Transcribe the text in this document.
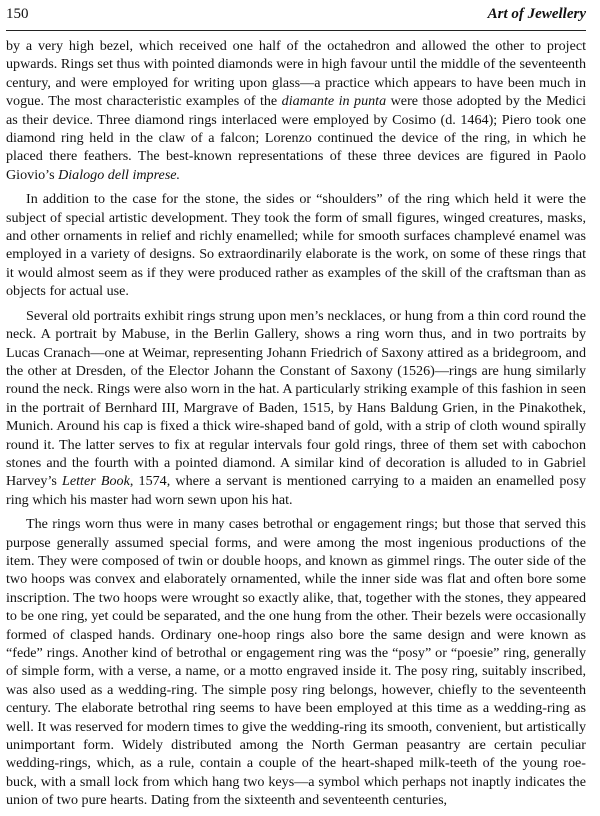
150	Art of Jewellery

by a very high bezel, which received one half of the octahedron and allowed the other to project upwards. Rings set thus with pointed diamonds were in high favour until the middle of the seventeenth century, and were employed for writing upon glass—a practice which appears to have been much in vogue. The most characteristic examples of the diamante in punta were those adopted by the Medici as their device. Three diamond rings interlaced were employed by Cosimo (d. 1464); Piero took one diamond ring held in the claw of a falcon; Lorenzo continued the device of the ring, in which he placed there feathers. The best-known representations of these three devices are figured in Paolo Giovio’s Dialogo dell imprese.

In addition to the case for the stone, the sides or “shoulders” of the ring which held it were the subject of special artistic development. They took the form of small figures, winged creatures, masks, and other ornaments in relief and richly enamelled; while for smooth surfaces champlevé enamel was employed in a variety of designs. So extraordinarily elaborate is the work, on some of these rings that it would almost seem as if they were produced rather as examples of the skill of the craftsman than as objects for actual use.

Several old portraits exhibit rings strung upon men’s necklaces, or hung from a thin cord round the neck. A portrait by Mabuse, in the Berlin Gallery, shows a ring worn thus, and in two portraits by Lucas Cranach—one at Weimar, representing Johann Friedrich of Saxony attired as a bridegroom, and the other at Dresden, of the Elector Johann the Constant of Saxony (1526)—rings are hung similarly round the neck. Rings were also worn in the hat. A particularly striking example of this fashion in seen in the portrait of Bernhard III, Margrave of Baden, 1515, by Hans Baldung Grien, in the Pinakothek, Munich. Around his cap is fixed a thick wire-shaped band of gold, with a strip of cloth wound spirally round it. The latter serves to fix at regular intervals four gold rings, three of them set with cabochon stones and the fourth with a pointed diamond. A similar kind of decoration is alluded to in Gabriel Harvey’s Letter Book, 1574, where a servant is mentioned carrying to a maiden an enamelled posy ring which his master had worn sewn upon his hat.

The rings worn thus were in many cases betrothal or engagement rings; but those that served this purpose generally assumed special forms, and were among the most ingenious productions of the item. They were composed of twin or double hoops, and known as gimmel rings. The outer side of the two hoops was convex and elaborately ornamented, while the inner side was flat and often bore some inscription. The two hoops were wrought so exactly alike, that, together with the stones, they appeared to be one ring, yet could be separated, and the one hung from the other. Their bezels were occasionally formed of clasped hands. Ordinary one-hoop rings also bore the same design and were known as “fede” rings. Another kind of betrothal or engagement ring was the “posy” or “poesie” ring, generally of simple form, with a verse, a name, or a motto engraved inside it. The posy ring, suitably inscribed, was also used as a wedding-ring. The simple posy ring belongs, however, chiefly to the seventeenth century. The elaborate betrothal ring seems to have been employed at this time as a wedding-ring as well. It was reserved for modern times to give the wedding-ring its smooth, convenient, but artistically unimportant form. Widely distributed among the North German peasantry are certain peculiar wedding-rings, which, as a rule, contain a couple of the heart-shaped milk-teeth of the young roe-buck, with a small lock from which hang two keys—a symbol which perhaps not inaptly indicates the union of two pure hearts. Dating from the sixteenth and seventeenth centuries,
